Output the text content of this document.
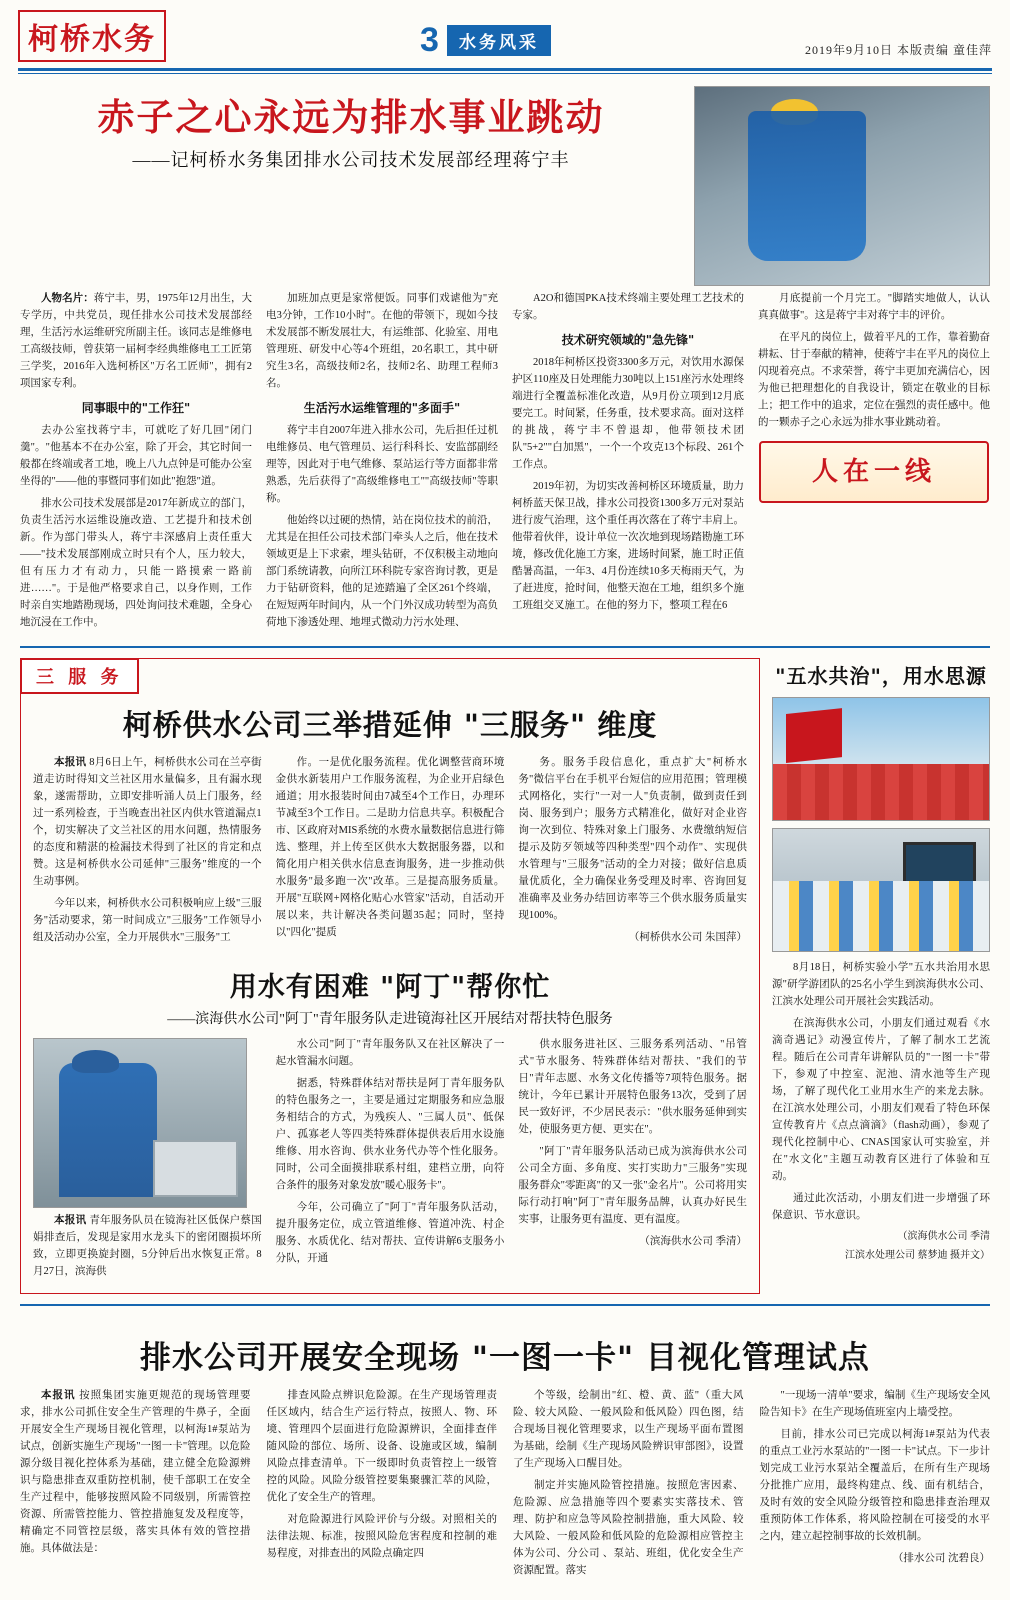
柯桥水务	3	水务风采	2019年9月10日 本版责编 童佳萍
赤子之心永远为排水事业跳动
——记柯桥水务集团排水公司技术发展部经理蒋宁丰

人物名片：蒋宁丰，男，1975年12月出生，大专学历，中共党员，现任排水公司技术发展部经理，生活污水运维研究所副主任。该同志是维修电工高级技师，曾获第一届柯李经典维修电工工匠第三学奖，2016年入选柯桥区"万名工匠师"，拥有2项国家专利。

同事眼中的"工作狂"

去办公室找蒋宁丰，可就吃了好几回"闭门羹"。"他基本不在办公室，除了开会，其它时间一般都在终端或者工地，晚上八九点钟是可能办公室坐得的"——他的事暨同事们如此"抱怨"道。

排水公司技术发展部是2017年新成立的部门，负责生活污水运维设施改造、工艺提升和技术创新。作为部门带头人，蒋宁丰深感肩上责任重大——"技术发展部刚成立时只有个人，压力较大，但有压力才有动力，只能一路摸索一路前进……"。于是他严格要求自己，以身作则，工作时亲自实地踏勘现场，四处询问技术难题，全身心地沉浸在工作中。

加班加点更是家常便饭。同事们戏谑他为"充电3分钟，工作10小时"。在他的带领下，现如今技术发展部不断发展壮大，有运维部、化验室、用电管理班、研发中心等4个班组，20名职工，其中研究生3名，高级技师2名，技师2名、助理工程师3名。

生活污水运维管理的"多面手"

蒋宁丰自2007年进入排水公司，先后担任过机电维修员、电气管理员、运行科科长、安监部副经理等，因此对于电气维修、泵站运行等方面都非常熟悉，先后获得了"高级维修电工""高级技师"等职称。

他始终以过硬的热情，站在岗位技术的前沿，尤其是在担任公司技术部门牵头人之后，他在技术领域更是上下求索，埋头钻研，不仅积极主动地向部门系统请教，向所江环科院专家咨询讨教，更是力于钻研资料，他的足迹踏遍了全区261个终端，在短短两年时间内，从一个门外汉成功转型为高负荷地下渗透处理、地埋式微动力污水处理、

A2O和德国PKA技术终端主要处理工艺技术的专家。

技术研究领域的"急先锋"

2018年柯桥区投资3300多万元，对饮用水源保护区110座及日处理能力30吨以上151座污水处理终端进行全覆盖标准化改造，从9月份立项到12月底要完工。时间紧，任务重，技术要求高。面对这样的挑战，蒋宁丰不曾退却，他带领技术团队"5+2""白加黑"，一个一个攻克13个标段、261个工作点。

2019年初，为切实改善柯桥区环境质量，助力柯桥蓝天保卫战，排水公司投资1300多万元对泵站进行废气治理，这个重任再次落在了蒋宁丰肩上。他带着伙伴，设计单位一次次地到现场踏勘施工环境，修改优化施工方案，进场时间紧，施工时正值酷暑高温，一年3、4月份连续10多天梅雨天气，为了赶进度，抢时间，他整天泡在工地，组织多个施工班组交叉施工。在他的努力下，整项工程在6

月底提前一个月完工。"脚踏实地做人，认认真真做事"。这是蒋宁丰对蒋宁丰的评价。

在平凡的岗位上，做着平凡的工作，靠着勤奋耕耘、甘于奉献的精神，使蒋宁丰在平凡的岗位上闪现着亮点。不求荣誉，蒋宁丰更加充满信心，因为他已把理想化的自我设计，锁定在敬业的目标上；把工作中的追求，定位在强烈的责任感中。他的一颗赤子之心永远为排水事业跳动着。

人在一线
三 服 务
柯桥供水公司三举措延伸 "三服务" 维度

本报讯 8月6日上午，柯桥供水公司在兰亭街道走访时得知文兰社区用水量偏多，且有漏水现象，遂需帮助，立即安排听涌人员上门服务，经过一系列检查，于当晚查出社区内供水管道漏点1个，切实解决了文兰社区的用水问题，热情服务的态度和精湛的检漏技术得到了社区的肯定和点赞。这是柯桥供水公司延伸"三服务"维度的一个生动事例。

今年以来，柯桥供水公司积极响应上级"三服务"活动要求，第一时间成立"三服务"工作领导小组及活动办公室，全力开展供水"三服务"工

作。一是优化服务流程。优化调整营商环境金供水新装用户工作服务流程，为企业开启绿色通道；用水报装时间由7减至4个工作日，办理环节减至3个工作日。二是助力信息共享。积极配合市、区政府对MIS系统的水费水量数据信息进行筛选、整理，并上传至区供水大数据服务器，以和简化用户相关供水信息查询服务，进一步推动供水服务"最多跑一次"改革。三是提高服务质量。开展"互联网+网格化贴心水管家"活动，自活动开展以来，共计解决各类问题35起；同时，坚持以"四化"提质

务。服务手段信息化，重点扩大"柯桥水务"微信平台在手机平台短信的应用范围；管理模式网格化，实行"一对一人"负责制，做到责任到岗、服务到户；服务方式精准化，做好对企业咨询一次到位、特殊对象上门服务、水费缴纳短信提示及防歹领域等四种类型"四个动作"、实现供水管理与"三服务"活动的全力对接；做好信息质量优质化，全力确保业务受理及时率、咨询回复准确率及业务办结回访率等三个供水服务质量实现100%。

（柯桥供水公司 朱国萍）

用水有困难 "阿丁"帮你忙
——滨海供水公司"阿丁"青年服务队走进镜海社区开展结对帮扶特色服务

本报讯 青年服务队员在镜海社区低保户蔡国娟排查后，发现是家用水龙头下的密闭圈损坏所致，立即更换旋封圈，5分钟后出水恢复正常。8月27日，滨海供

水公司"阿丁"青年服务队又在社区解决了一起水管漏水问题。

据悉，特殊群体结对帮扶是阿丁青年服务队的特色服务之一，主要是通过定期服务和应急服务相结合的方式，为残疾人、"三属人员"、低保户、孤寡老人等四类特殊群体提供表后用水设施维修、用水咨询、供水业务代办等个性化服务。同时，公司全面摸排联系村组，建档立册，向符合条件的服务对象发放"暖心服务卡"。

今年，公司确立了"阿丁"青年服务队活动，提升服务定位，成立管道维修、管道冲洗、村企服务、水质优化、结对帮扶、宣传讲解6支服务小分队，开通

供水服务进社区、三服务系列活动、"吊管式"节水服务、特殊群体结对帮扶、"我们的节日"青年志愿、水务文化传播等7项特色服务。据统计，今年已累计开展特色服务13次，受到了居民一致好评，不少居民表示："供水服务延伸到实处，使服务更方便、更实在"。

"阿丁"青年服务队活动已成为滨海供水公司公司全方面、多角度、实打实助力"三服务"实现服务群众"零距离"的又一张"金名片"。公司将用实际行动打响"阿丁"青年服务品牌，认真办好民生实事，让服务更有温度、更有温度。

（滨海供水公司 季清）

"五水共治"，用水思源

8月18日，柯桥实验小学"五水共治用水思源"研学游团队的25名小学生到滨海供水公司、江滨水处理公司开展社会实践活动。

在滨海供水公司，小朋友们通过观看《水滴奇遇记》动漫宣传片，了解了制水工艺流程。随后在公司青年讲解队员的"一图一卡"带下，参观了中控室、泥池、清水池等生产现场，了解了现代化工业用水生产的来龙去脉。在江滨水处理公司，小朋友们观看了特色环保宣传教育片《点点滴滴》（flash动画），参观了现代化控制中心、CNAS国家认可实验室，并在"水文化"主题互动教育区进行了体验和互动。

通过此次活动，小朋友们进一步增强了环保意识、节水意识。

（滨海供水公司 季清
江滨水处理公司 蔡梦迪 摄并文）
排水公司开展安全现场 "一图一卡" 目视化管理试点

本报讯 按照集团实施更规范的现场管理要求，排水公司抓住安全生产管理的牛鼻子，全面开展安全生产现场目视化管理，以柯海1#泵站为试点，创新实施生产现场"一图一卡"管理。以危险源分级目视化控体系为基础，建立健全危险源辨识与隐患排查双重防控机制，使千部职工在安全生产过程中，能够按照风险不同级别，所需管控资源、所需管控能力、管控措施复发及程度等，精确定不同管控层级，落实具体有效的管控措施。具体做法是：

排查风险点辨识危险源。在生产现场管理责任区域内，结合生产运行特点，按照人、物、环境、管理四个层面进行危险源辨识，全面排查伴随风险的部位、场所、设备、设施或区域，编制风险点排查清单。下一级即时负责管控上一级管控的风险。风险分级管控要集聚骤汇萃的风险，优化了安全生产的管理。

对危险源进行风险评价与分级。对照相关的法律法规、标准，按照风险危害程度和控制的难易程度，对排查出的风险点确定四

个等级，绘制出"红、橙、黄、蓝"（重大风险、较大风险、一般风险和低风险）四色图，结合现场目视化管理要求，以生产现场平面布置图为基础，绘制《生产现场风险辨识审部图》，设置了生产现场入口醒目处。

制定并实施风险管控措施。按照危害因素、危险源、应急措施等四个要素实实落技术、管理、防护和应急等风险控制措施，重大风险、较大风险、一般风险和低风险的危险源相应管控主体为公司、分公司 、泵站、班组，优化安全生产资源配置。落实

"一现场一清单"要求，编制《生产现场安全风险告知卡》在生产现场值班室内上墙受控。

目前，排水公司已完成以柯海1#泵站为代表的重点工业污水泵站的"一图一卡"试点。下一步计划完成工业污水泵站全覆盖后，在所有生产现场分批推广应用，最终构建点、线、面有机结合，及时有效的安全风险分级管控和隐患排查治理双重预防体工作体系，将风险控制在可接受的水平之内，建立起控制事故的长效机制。

（排水公司 沈碧良）
